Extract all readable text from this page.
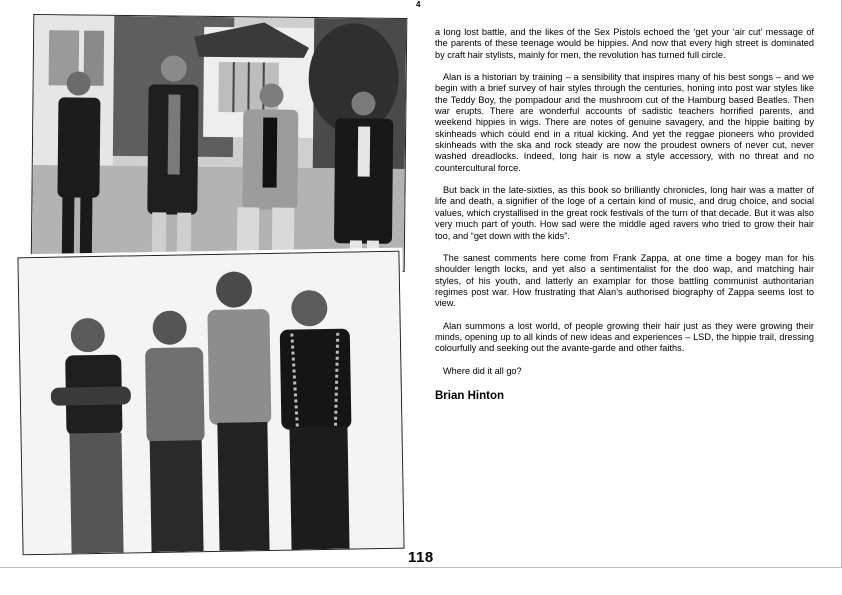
4

a long lost battle, and the likes of the Sex Pistols echoed the ‘get your ‘air cut’ message of the parents of these teenage would be hippies. And now that every high street is dominated by craft hair stylists, mainly for men, the revolution has turned full circle.

Alan is a historian by training – a sensibility that inspires many of his best songs – and we begin with a brief survey of hair styles through the centuries, honing into post war styles like the Teddy Boy, the pompadour and the mushroom cut of the Hamburg based Beatles. Then war erupts. There are wonderful accounts of sadistic teachers horrified parents, and weekend hippies in wigs. There are notes of genuine savagery, and the hippie baiting by skinheads which could end in a ritual kicking. And yet the reggae pioneers who provided skinheads with the ska and rock steady are now the proudest owners of never cut, never washed dreadlocks. Indeed, long hair is now a style accessory, with no threat and no countercultural force.

But back in the late-sixties, as this book so brilliantly chronicles, long hair was a matter of life and death, a signifier of the loge of a certain kind of music, and drug choice, and social values, which crystallised in the great rock festivals of the turn of that decade. But it was also very much part of youth. How sad were the middle aged ravers who tried to grow their hair too, and “get down with the kids”.

The sanest comments here come from Frank Zappa, at one time a bogey man for his shoulder length locks, and yet also a sentimentalist for the doo wap, and matching hair styles, of his youth, and latterly an examplar for those battling communist authoritarian regimes post war. How frustrating that Alan’s authorised biography of Zappa seems lost to view.

Alan summons a lost world, of people growing their hair just as they were growing their minds, opening up to all kinds of new ideas and experiences – LSD, the hippie trail, dressing colourfully and seeking out the avante-garde and other faiths.

Where did it all go?

Brian Hinton

118
